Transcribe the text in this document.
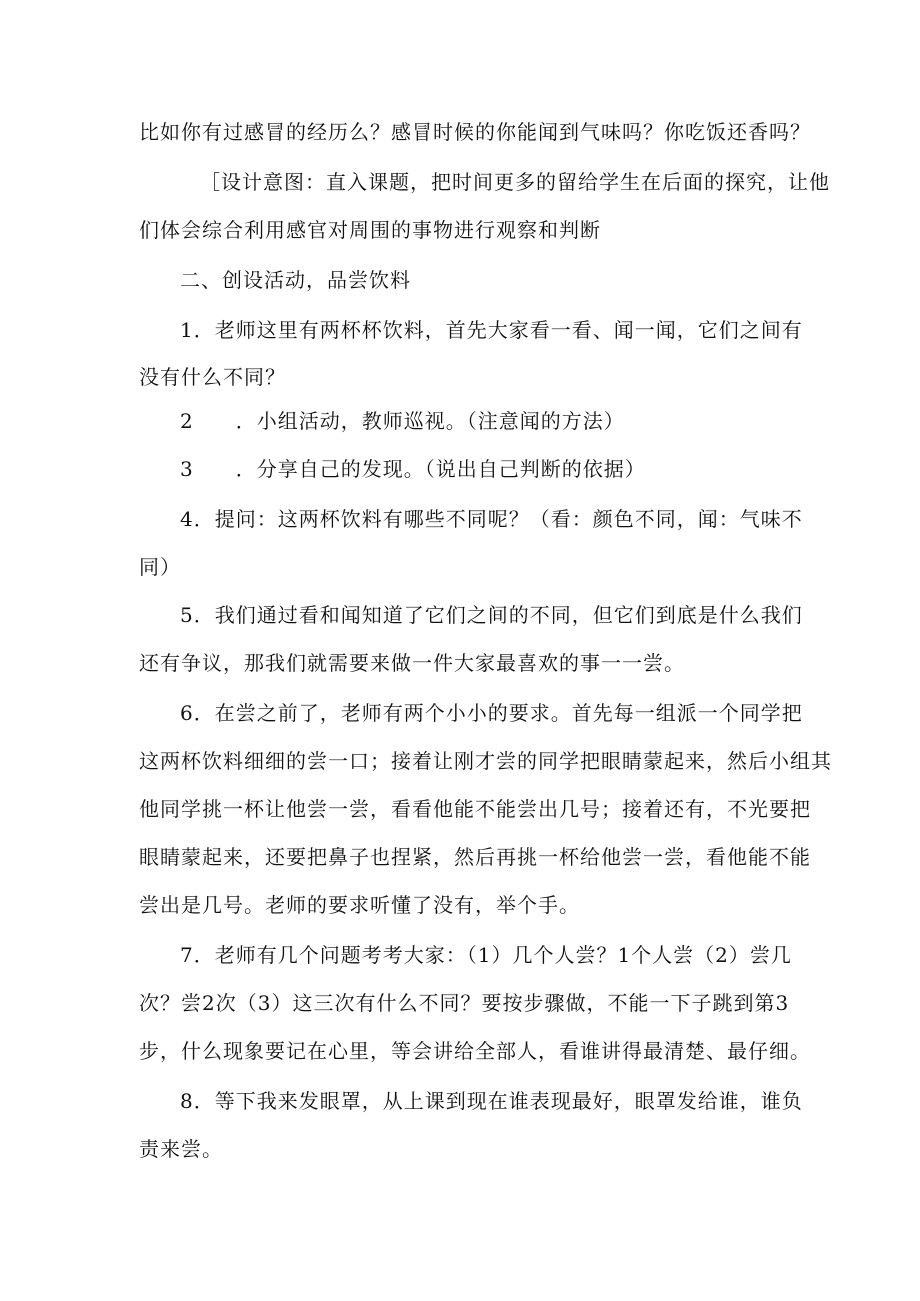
比如你有过感冒的经历么？感冒时候的你能闻到气味吗？你吃饭还香吗？
［设计意图：直入课题，把时间更多的留给学生在后面的探究，让他
们体会综合利用感官对周围的事物进行观察和判断
二、创设活动，品尝饮料
1．老师这里有两杯杯饮料，首先大家看一看、闻一闻，它们之间有
没有什么不同？
2　　．小组活动，教师巡视。（注意闻的方法）
3　　．分享自己的发现。（说出自己判断的依据）
4．提问：这两杯饮料有哪些不同呢？（看：颜色不同，闻：气味不
同）
5．我们通过看和闻知道了它们之间的不同，但它们到底是什么我们
还有争议，那我们就需要来做一件大家最喜欢的事一一尝。
6．在尝之前了，老师有两个小小的要求。首先每一组派一个同学把
这两杯饮料细细的尝一口；接着让刚才尝的同学把眼睛蒙起来，然后小组其
他同学挑一杯让他尝一尝，看看他能不能尝出几号；接着还有，不光要把
眼睛蒙起来，还要把鼻子也捏紧，然后再挑一杯给他尝一尝，看他能不能
尝出是几号。老师的要求听懂了没有，举个手。
7．老师有几个问题考考大家：（1）几个人尝？1个人尝（2）尝几
次？尝2次（3）这三次有什么不同？要按步骤做，不能一下子跳到第3
步，什么现象要记在心里，等会讲给全部人，看谁讲得最清楚、最仔细。
8．等下我来发眼罩，从上课到现在谁表现最好，眼罩发给谁，谁负
责来尝。
